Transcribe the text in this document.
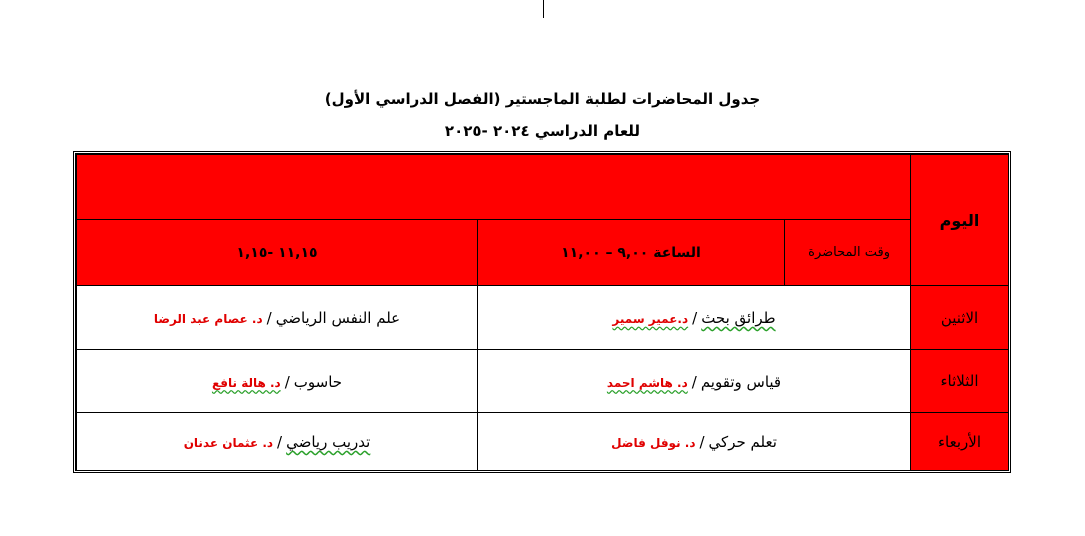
جدول المحاضرات لطلبة الماجستير (الفصل الدراسي الأول)
للعام الدراسي ٢٠٢٤ -٢٠٢٥
			اليوم
١١,١٥ -١,١٥	الساعة ٩,٠٠ – ١١,٠٠	وقت المحاضرة	
علم النفس الرياضي/د. عصام عبد الرضا	طرائق بحث/د.عمير سمير		الاثنين
حاسوب/د. هالة نافع	قياس وتقويم/د. هاشم احمد		الثلاثاء
تدريب رياضي/د. عثمان عدنان	تعلم حركي/د. نوفل فاضل		الأربعاء
